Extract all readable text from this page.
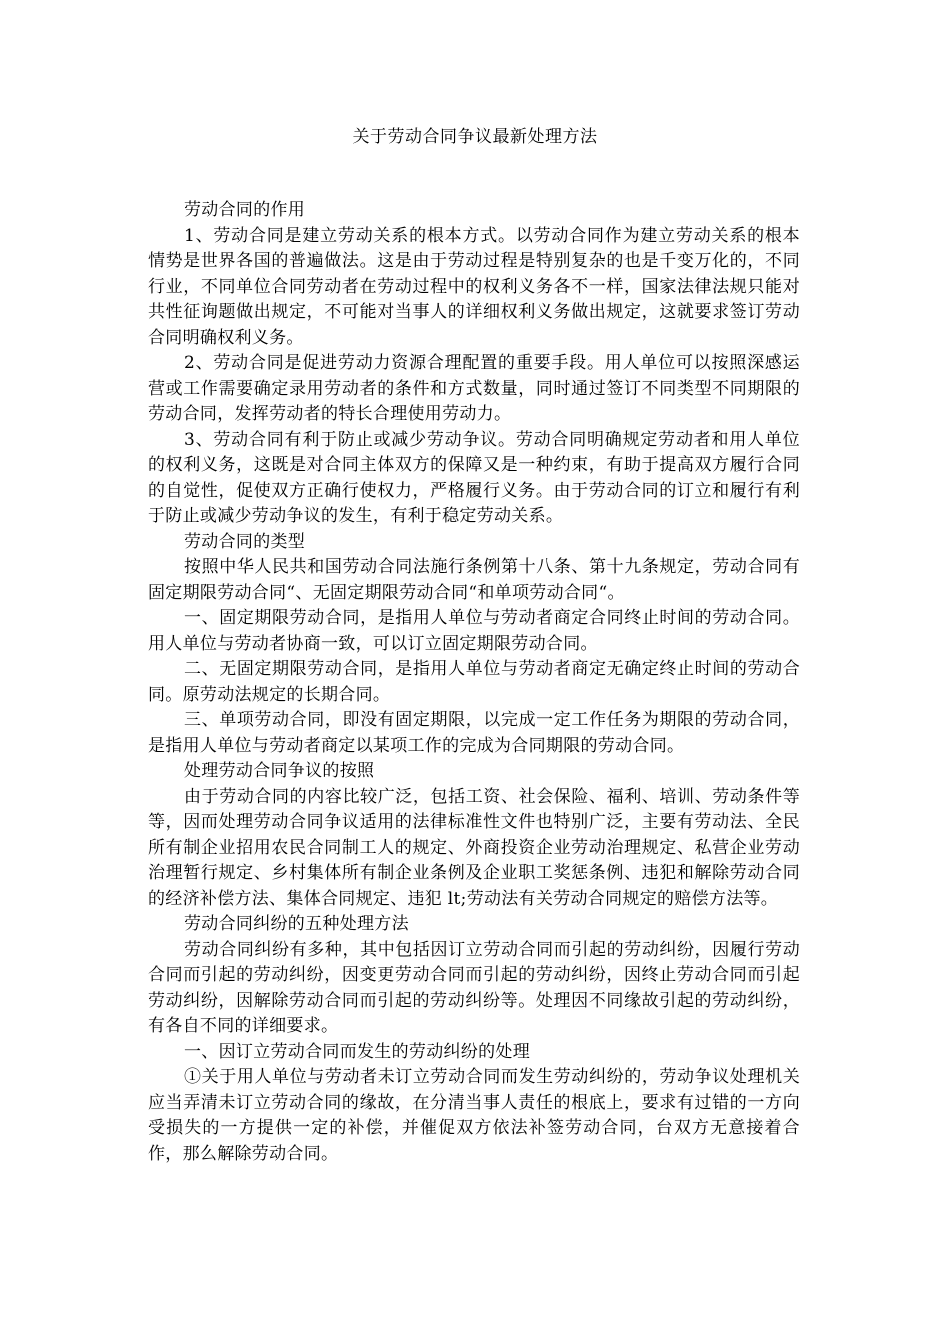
关于劳动合同争议最新处理方法

劳动合同的作用

1、劳动合同是建立劳动关系的根本方式。以劳动合同作为建立劳动关系的根本情势是世界各国的普遍做法。这是由于劳动过程是特别复杂的也是千变万化的，不同行业，不同单位合同劳动者在劳动过程中的权利义务各不一样，国家法律法规只能对共性征询题做出规定，不可能对当事人的详细权利义务做出规定，这就要求签订劳动合同明确权利义务。

2、劳动合同是促进劳动力资源合理配置的重要手段。用人单位可以按照深感运营或工作需要确定录用劳动者的条件和方式数量，同时通过签订不同类型不同期限的劳动合同，发挥劳动者的特长合理使用劳动力。

3、劳动合同有利于防止或减少劳动争议。劳动合同明确规定劳动者和用人单位的权利义务，这既是对合同主体双方的保障又是一种约束，有助于提高双方履行合同的自觉性，促使双方正确行使权力，严格履行义务。由于劳动合同的订立和履行有利于防止或减少劳动争议的发生，有利于稳定劳动关系。

劳动合同的类型

按照中华人民共和国劳动合同法施行条例第十八条、第十九条规定，劳动合同有固定期限劳动合同“、无固定期限劳动合同“和单项劳动合同“。

一、固定期限劳动合同，是指用人单位与劳动者商定合同终止时间的劳动合同。用人单位与劳动者协商一致，可以订立固定期限劳动合同。

二、无固定期限劳动合同，是指用人单位与劳动者商定无确定终止时间的劳动合同。原劳动法规定的长期合同。

三、单项劳动合同，即没有固定期限，以完成一定工作任务为期限的劳动合同，是指用人单位与劳动者商定以某项工作的完成为合同期限的劳动合同。

处理劳动合同争议的按照

由于劳动合同的内容比较广泛，包括工资、社会保险、福利、培训、劳动条件等等，因而处理劳动合同争议适用的法律标准性文件也特别广泛，主要有劳动法、全民所有制企业招用农民合同制工人的规定、外商投资企业劳动治理规定、私营企业劳动治理暂行规定、乡村集体所有制企业条例及企业职工奖惩条例、违犯和解除劳动合同的经济补偿方法、集体合同规定、违犯 lt;劳动法有关劳动合同规定的赔偿方法等。

劳动合同纠纷的五种处理方法

劳动合同纠纷有多种，其中包括因订立劳动合同而引起的劳动纠纷，因履行劳动合同而引起的劳动纠纷，因变更劳动合同而引起的劳动纠纷，因终止劳动合同而引起劳动纠纷，因解除劳动合同而引起的劳动纠纷等。处理因不同缘故引起的劳动纠纷，有各自不同的详细要求。

一、因订立劳动合同而发生的劳动纠纷的处理

①关于用人单位与劳动者未订立劳动合同而发生劳动纠纷的，劳动争议处理机关应当弄清未订立劳动合同的缘故，在分清当事人责任的根底上，要求有过错的一方向受损失的一方提供一定的补偿，并催促双方依法补签劳动合同，台双方无意接着合作，那么解除劳动合同。
